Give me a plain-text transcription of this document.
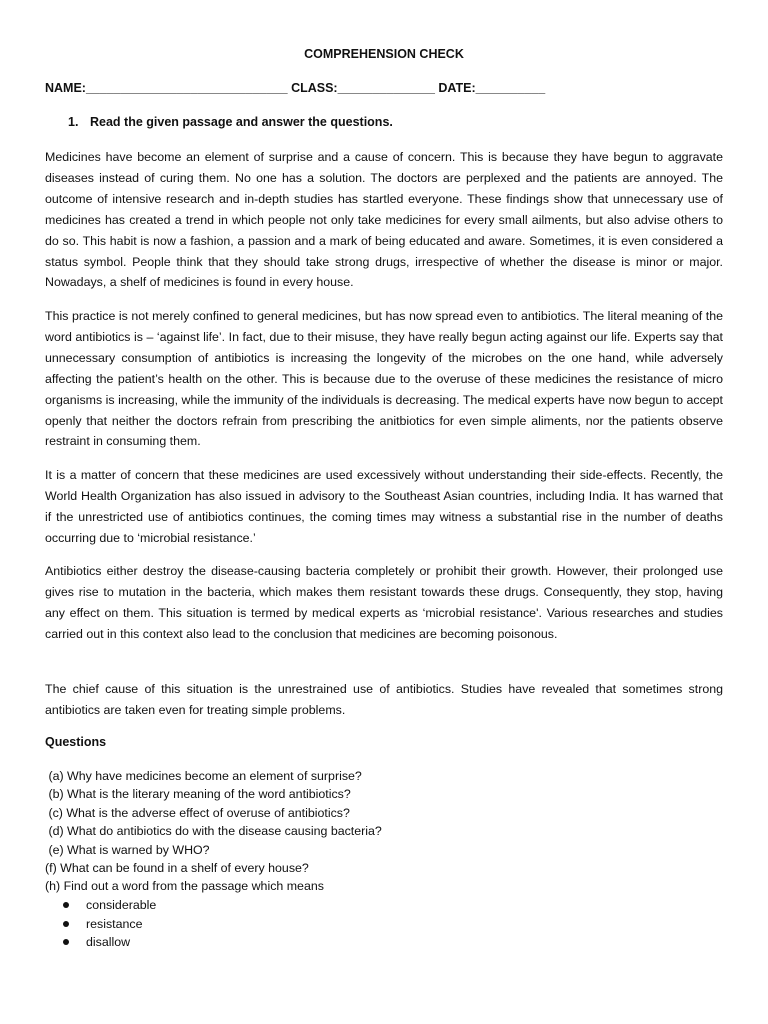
COMPREHENSION CHECK
NAME:_____________________________ CLASS:______________ DATE:__________
1. Read the given passage and answer the questions.

Medicines have become an element of surprise and a cause of concern. This is because they have begun to aggravate diseases instead of curing them. No one has a solution. The doctors are perplexed and the patients are annoyed. The outcome of intensive research and in-depth studies has startled everyone. These findings show that unnecessary use of medicines has created a trend in which people not only take medicines for every small ailments, but also advise others to do so. This habit is now a fashion, a passion and a mark of being educated and aware. Sometimes, it is even considered a status symbol. People think that they should take strong drugs, irrespective of whether the disease is minor or major. Nowadays, a shelf of medicines is found in every house.

This practice is not merely confined to general medicines, but has now spread even to antibiotics. The literal meaning of the word antibiotics is – ‘against life’. In fact, due to their misuse, they have really begun acting against our life. Experts say that unnecessary consumption of antibiotics is increasing the longevity of the microbes on the one hand, while adversely affecting the patient’s health on the other. This is because due to the overuse of these medicines the resistance of micro organisms is increasing, while the immunity of the individuals is decreasing. The medical experts have now begun to accept openly that neither the doctors refrain from prescribing the anitbiotics for even simple aliments, nor the patients observe restraint in consuming them.

It is a matter of concern that these medicines are used excessively without understanding their side-effects. Recently, the World Health Organization has also issued in advisory to the Southeast Asian countries, including India. It has warned that if the unrestricted use of antibiotics continues, the coming times may witness a substantial rise in the number of deaths occurring due to ‘microbial resistance.’

Antibiotics either destroy the disease-causing bacteria completely or prohibit their growth. However, their prolonged use gives rise to mutation in the bacteria, which makes them resistant towards these drugs. Consequently, they stop, having any effect on them. This situation is termed by medical experts as ‘microbial resistance'. Various researches and studies carried out in this context also lead to the conclusion that medicines are becoming poisonous.

The chief cause of this situation is the unrestrained use of antibiotics. Studies have revealed that sometimes strong antibiotics are taken even for treating simple problems.

Questions
(a) Why have medicines become an element of surprise?
(b) What is the literary meaning of the word antibiotics?
(c) What is the adverse effect of overuse of antibiotics?
(d) What do antibiotics do with the disease causing bacteria?
(e) What is warned by WHO?
(f) What can be found in a shelf of every house?
(h) Find out a word from the passage which means
considerable
resistance
disallow
